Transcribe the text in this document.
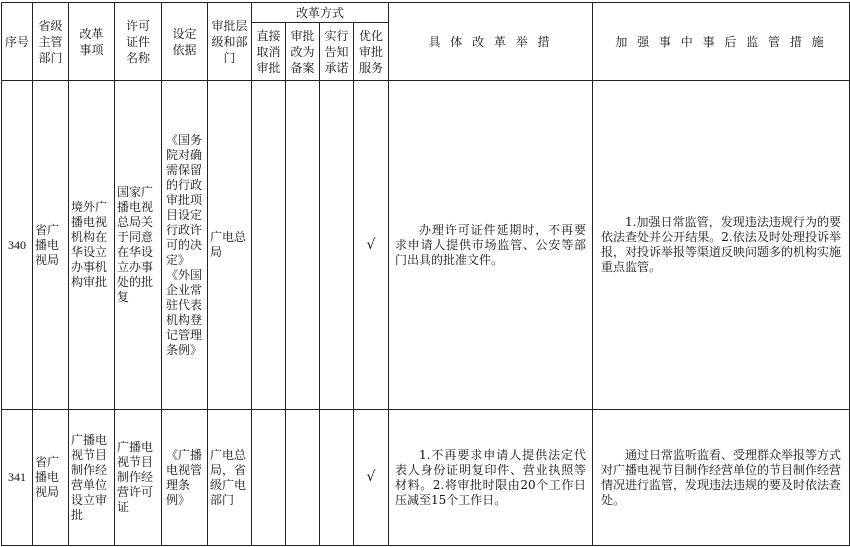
序号	省级主管部门	改革事项	许可证件名称	设定依据	审批层级和部门	改革方式				具 体 改 革 举 措	加 强 事 中 事 后 监 管 措 施
						直接取消审批	审批改为备案	实行告知承诺	优化审批服务		
340	省广播电视局	境外广播电视机构在华设立办事机构审批	国家广播电视总局关于同意在华设立办事处的批复	《国务院对确需保留的行政审批项目设定行政许可的决定》《外国企业常驻代表机构登记管理条例》	广电总局				√	办理许可证件延期时，不再要求申请人提供市场监管、公安等部门出具的批准文件。	1.加强日常监管，发现违法违规行为的要依法查处并公开结果。2.依法及时处理投诉举报，对投诉举报等渠道反映问题多的机构实施重点监管。

341	省广播电视局	广播电视节目制作经营单位设立审批	广播电视节目制作经营许可证	《广播电视管理条例》	广电总局，省级广电部门				√	1.不再要求申请人提供法定代表人身份证明复印件、营业执照等材料。2.将审批时限由20个工作日压减至15个工作日。	通过日常监听监看、受理群众举报等方式对广播电视节目制作经营单位的节目制作经营情况进行监管，发现违法违规的要及时依法查处。
